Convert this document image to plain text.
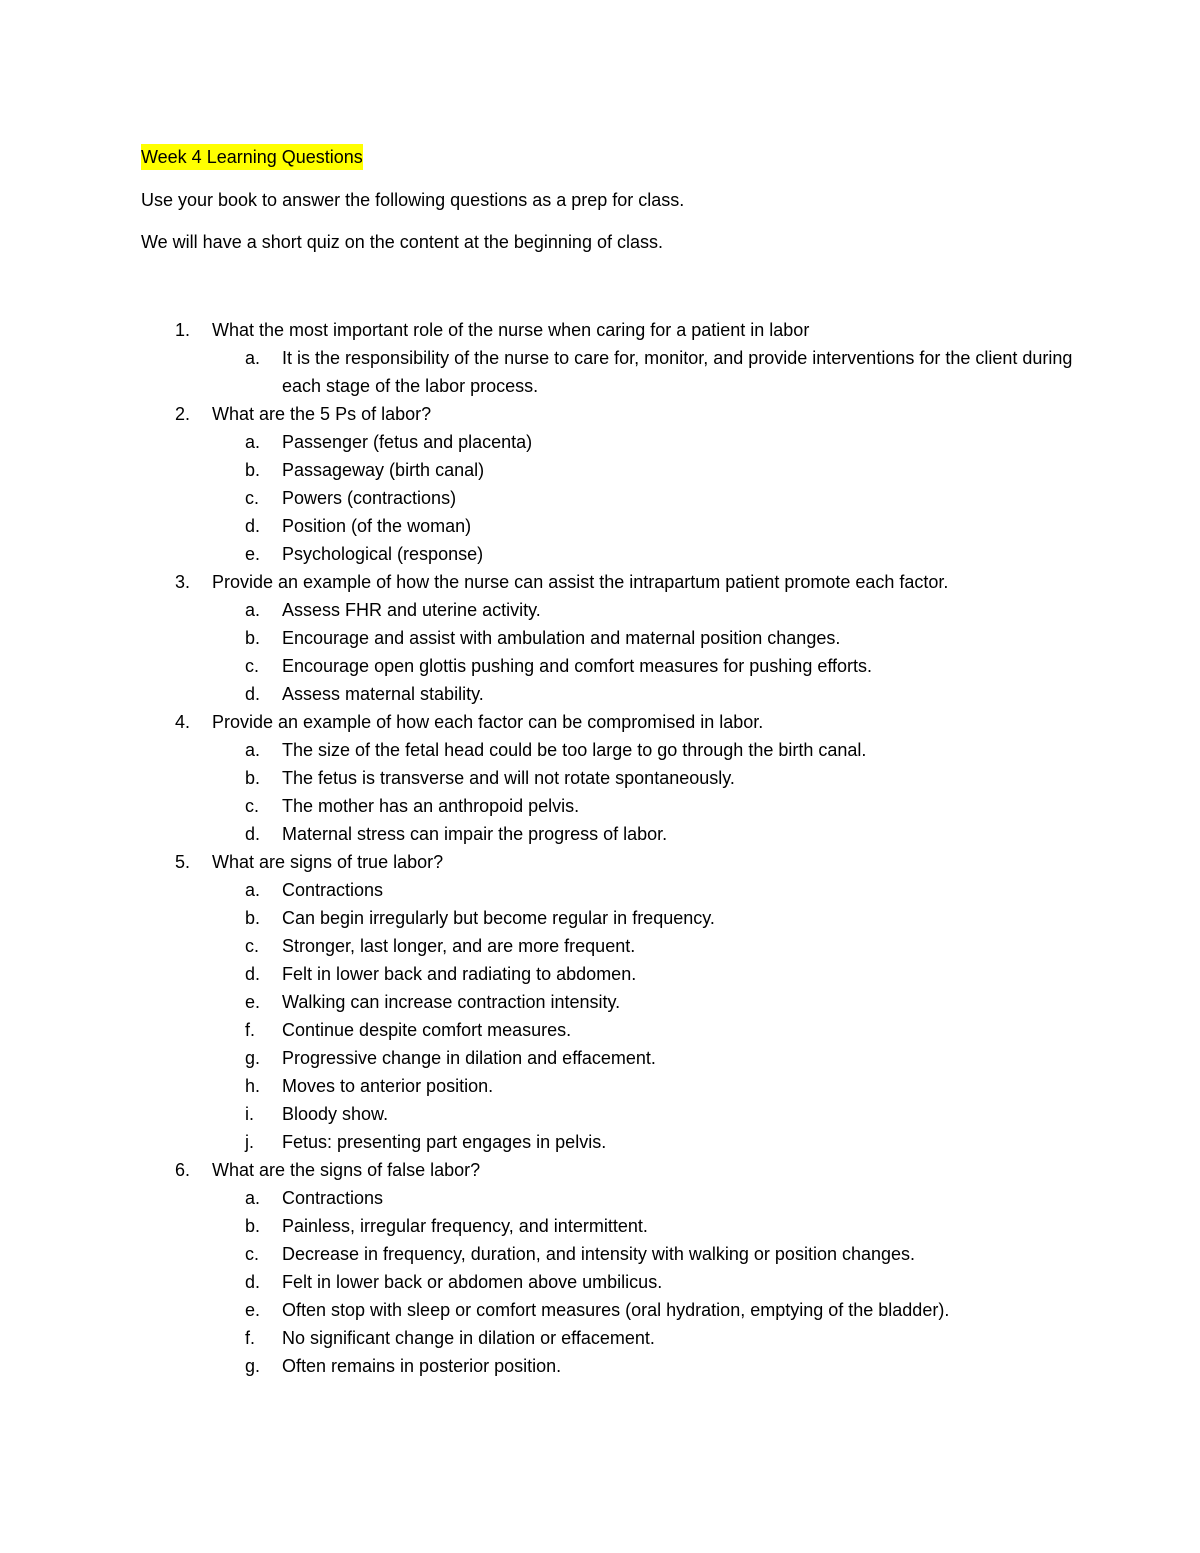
Week 4 Learning Questions

Use your book to answer the following questions as a prep for class.

We will have a short quiz on the content at the beginning of class.

1. What the most important role of the nurse when caring for a patient in labor
a. It is the responsibility of the nurse to care for, monitor, and provide interventions for the client during each stage of the labor process.
2. What are the 5 Ps of labor?
a. Passenger (fetus and placenta)
b. Passageway (birth canal)
c. Powers (contractions)
d. Position (of the woman)
e. Psychological (response)
3. Provide an example of how the nurse can assist the intrapartum patient promote each factor.
a. Assess FHR and uterine activity.
b. Encourage and assist with ambulation and maternal position changes.
c. Encourage open glottis pushing and comfort measures for pushing efforts.
d. Assess maternal stability.
4. Provide an example of how each factor can be compromised in labor.
a. The size of the fetal head could be too large to go through the birth canal.
b. The fetus is transverse and will not rotate spontaneously.
c. The mother has an anthropoid pelvis.
d. Maternal stress can impair the progress of labor.
5. What are signs of true labor?
a. Contractions
b. Can begin irregularly but become regular in frequency.
c. Stronger, last longer, and are more frequent.
d. Felt in lower back and radiating to abdomen.
e. Walking can increase contraction intensity.
f. Continue despite comfort measures.
g. Progressive change in dilation and effacement.
h. Moves to anterior position.
i. Bloody show.
j. Fetus: presenting part engages in pelvis.
6. What are the signs of false labor?
a. Contractions
b. Painless, irregular frequency, and intermittent.
c. Decrease in frequency, duration, and intensity with walking or position changes.
d. Felt in lower back or abdomen above umbilicus.
e. Often stop with sleep or comfort measures (oral hydration, emptying of the bladder).
f. No significant change in dilation or effacement.
g. Often remains in posterior position.
